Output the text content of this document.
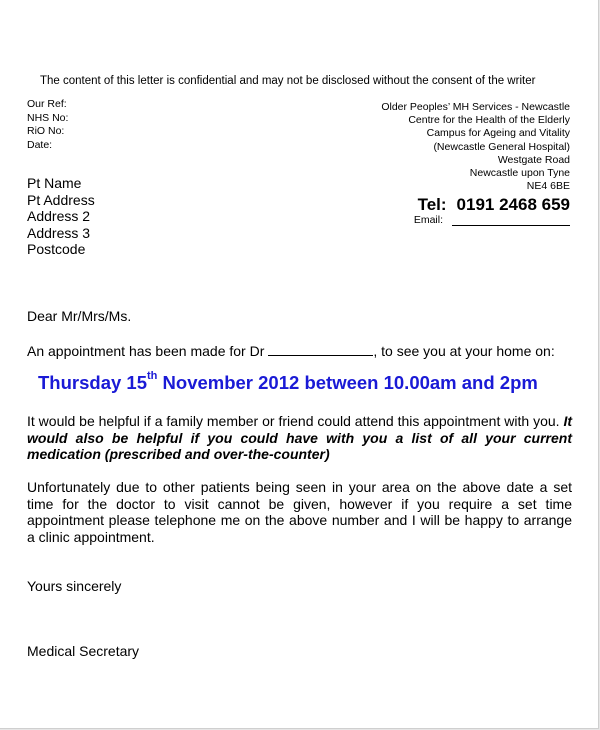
The content of this letter is confidential and may not be disclosed without the consent of the writer
Our Ref:
NHS No:
RiO No:
Date:
Older Peoples’ MH Services - Newcastle
Centre for the Health of the Elderly
Campus for Ageing and Vitality
(Newcastle General Hospital)
Westgate Road
Newcastle upon Tyne
NE4 6BE
Tel: 0191 2468 659
Email:
Pt Name
Pt Address
Address 2
Address 3
Postcode
Dear Mr/Mrs/Ms.
An appointment has been made for Dr	, to see you at your home on:
Thursday 15th November 2012 between 10.00am and 2pm
It would be helpful if a family member or friend could attend this appointment with you. It would also be helpful if you could have with you a list of all your current medication (prescribed and over-the-counter)
Unfortunately due to other patients being seen in your area on the above date a set time for the doctor to visit cannot be given, however if you require a set time appointment please telephone me on the above number and I will be happy to arrange a clinic appointment.
Yours sincerely
Medical Secretary
